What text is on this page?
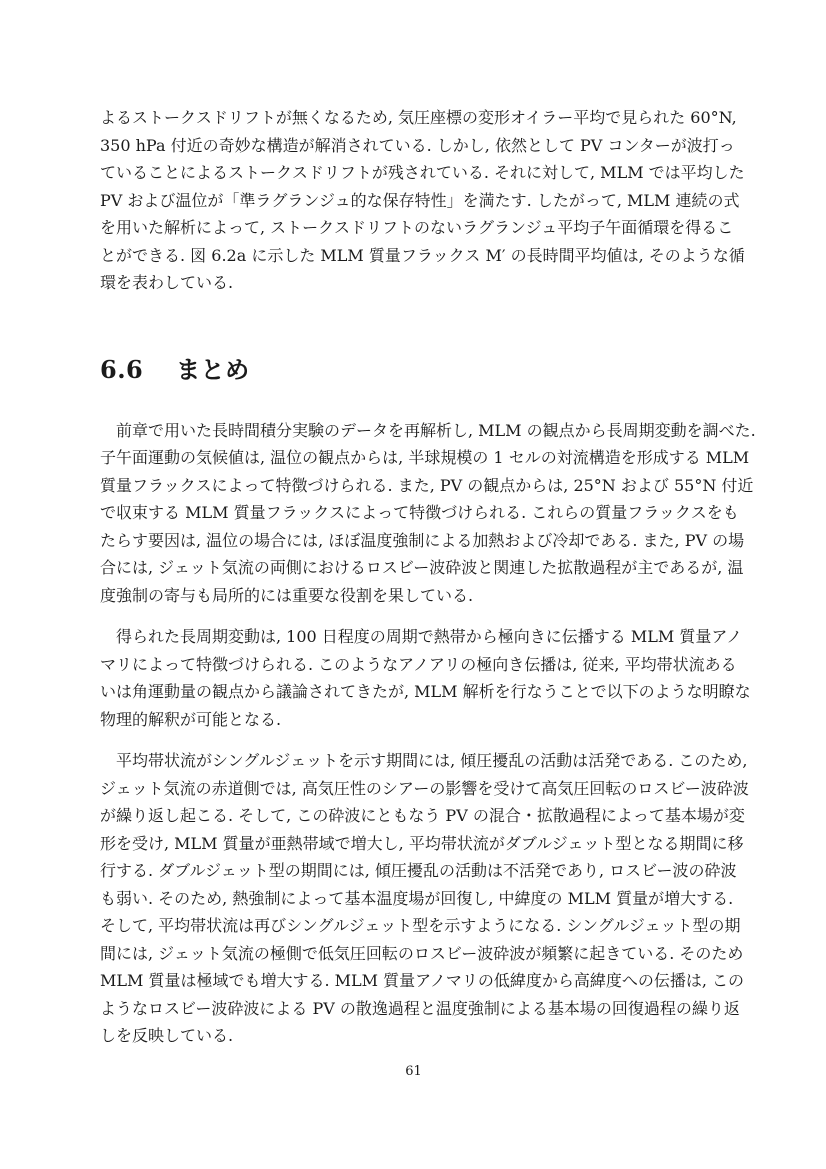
よるストークスドリフトが無くなるため, 気圧座標の変形オイラー平均で見られた 60°N,
350 hPa 付近の奇妙な構造が解消されている. しかし, 依然として PV コンターが波打っ
ていることによるストークスドリフトが残されている. それに対して, MLM では平均した
PV および温位が「準ラグランジュ的な保存特性」を満たす. したがって, MLM 連続の式
を用いた解析によって, ストークスドリフトのないラグランジュ平均子午面循環を得るこ
とができる. 図 6.2a に示した MLM 質量フラックス M′ の長時間平均値は, そのような循
環を表わしている.
6.6 まとめ
　前章で用いた長時間積分実験のデータを再解析し, MLM の観点から長周期変動を調べた.
子午面運動の気候値は, 温位の観点からは, 半球規模の 1 セルの対流構造を形成する MLM
質量フラックスによって特徴づけられる. また, PV の観点からは, 25°N および 55°N 付近
で収束する MLM 質量フラックスによって特徴づけられる. これらの質量フラックスをも
たらす要因は, 温位の場合には, ほぼ温度強制による加熱および冷却である. また, PV の場
合には, ジェット気流の両側におけるロスビー波砕波と関連した拡散過程が主であるが, 温
度強制の寄与も局所的には重要な役割を果している.
　得られた長周期変動は, 100 日程度の周期で熱帯から極向きに伝播する MLM 質量アノ
マリによって特徴づけられる. このようなアノアリの極向き伝播は, 従来, 平均帯状流ある
いは角運動量の観点から議論されてきたが, MLM 解析を行なうことで以下のような明瞭な
物理的解釈が可能となる.
　平均帯状流がシングルジェットを示す期間には, 傾圧擾乱の活動は活発である. このため,
ジェット気流の赤道側では, 高気圧性のシアーの影響を受けて高気圧回転のロスビー波砕波
が繰り返し起こる. そして, この砕波にともなう PV の混合・拡散過程によって基本場が変
形を受け, MLM 質量が亜熱帯域で増大し, 平均帯状流がダブルジェット型となる期間に移
行する. ダブルジェット型の期間には, 傾圧擾乱の活動は不活発であり, ロスビー波の砕波
も弱い. そのため, 熱強制によって基本温度場が回復し, 中緯度の MLM 質量が増大する.
そして, 平均帯状流は再びシングルジェット型を示すようになる. シングルジェット型の期
間には, ジェット気流の極側で低気圧回転のロスビー波砕波が頻繁に起きている. そのため
MLM 質量は極域でも増大する. MLM 質量アノマリの低緯度から高緯度への伝播は, この
ようなロスビー波砕波による PV の散逸過程と温度強制による基本場の回復過程の繰り返
しを反映している.
61
